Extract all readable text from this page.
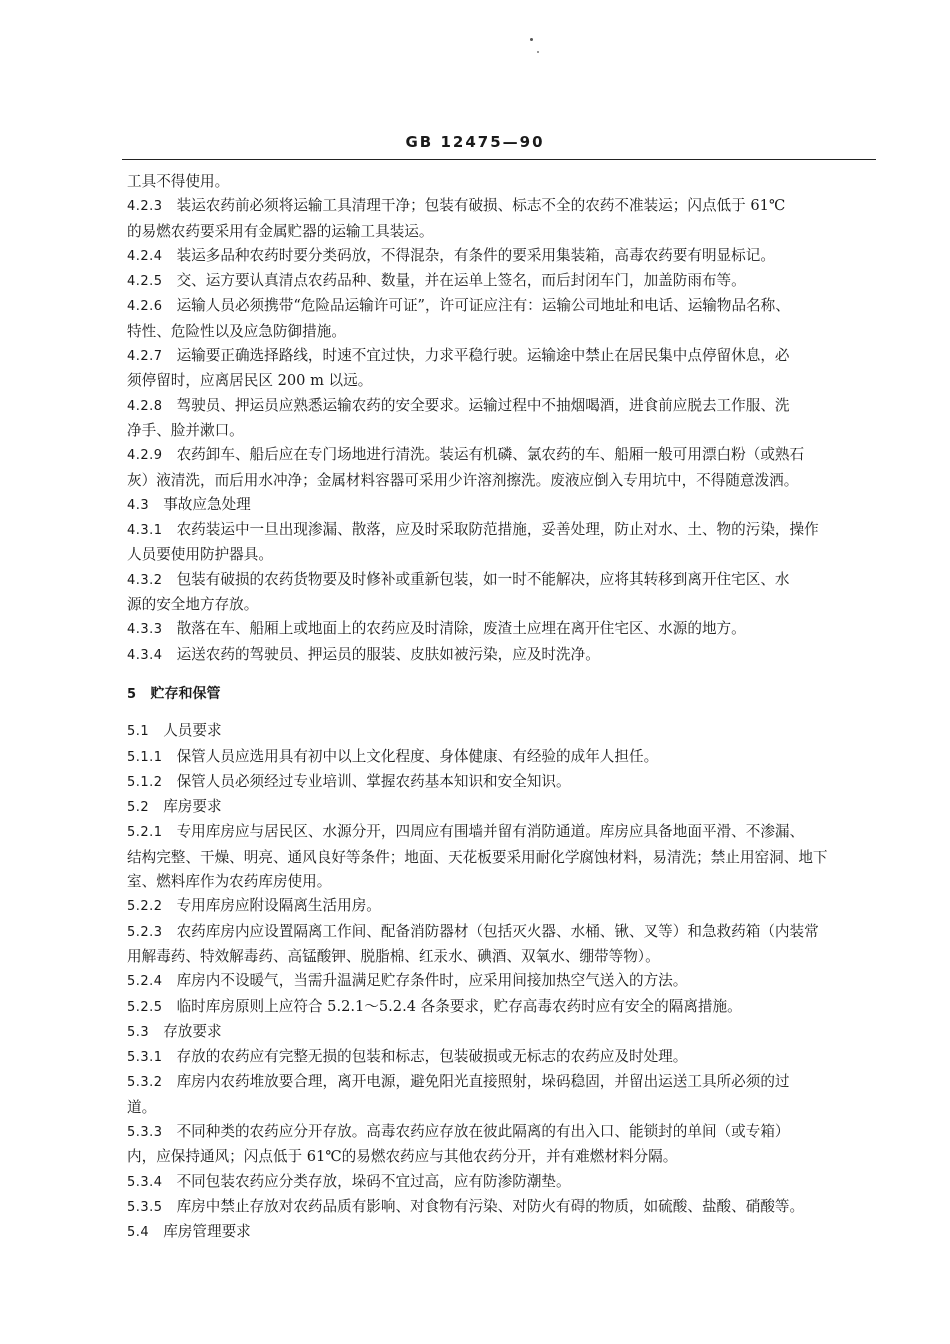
GB 12475—90

工具不得使用。

4.2.3 装运农药前必须将运输工具清理干净；包装有破损、标志不全的农药不准装运；闪点低于 61℃

的易燃农药要采用有金属贮器的运输工具装运。

4.2.4 装运多品种农药时要分类码放，不得混杂，有条件的要采用集装箱，高毒农药要有明显标记。

4.2.5 交、运方要认真清点农药品种、数量，并在运单上签名，而后封闭车门，加盖防雨布等。

4.2.6 运输人员必须携带“危险品运输许可证”，许可证应注有：运输公司地址和电话、运输物品名称、

特性、危险性以及应急防御措施。

4.2.7 运输要正确选择路线，时速不宜过快，力求平稳行驶。运输途中禁止在居民集中点停留休息，必

须停留时，应离居民区 200 m 以远。

4.2.8 驾驶员、押运员应熟悉运输农药的安全要求。运输过程中不抽烟喝酒，进食前应脱去工作服、洗

净手、脸并漱口。

4.2.9 农药卸车、船后应在专门场地进行清洗。装运有机磷、氯农药的车、船厢一般可用漂白粉（或熟石

灰）液清洗，而后用水冲净；金属材料容器可采用少许溶剂擦洗。废液应倒入专用坑中，不得随意泼洒。

4.3 事故应急处理

4.3.1 农药装运中一旦出现渗漏、散落，应及时采取防范措施，妥善处理，防止对水、土、物的污染，操作

人员要使用防护器具。

4.3.2 包装有破损的农药货物要及时修补或重新包装，如一时不能解决，应将其转移到离开住宅区、水

源的安全地方存放。

4.3.3 散落在车、船厢上或地面上的农药应及时清除，废渣土应埋在离开住宅区、水源的地方。

4.3.4 运送农药的驾驶员、押运员的服装、皮肤如被污染，应及时洗净。

5 贮存和保管

5.1 人员要求

5.1.1 保管人员应选用具有初中以上文化程度、身体健康、有经验的成年人担任。

5.1.2 保管人员必须经过专业培训、掌握农药基本知识和安全知识。

5.2 库房要求

5.2.1 专用库房应与居民区、水源分开，四周应有围墙并留有消防通道。库房应具备地面平滑、不渗漏、

结构完整、干燥、明亮、通风良好等条件；地面、天花板要采用耐化学腐蚀材料，易清洗；禁止用窑洞、地下

室、燃料库作为农药库房使用。

5.2.2 专用库房应附设隔离生活用房。

5.2.3 农药库房内应设置隔离工作间、配备消防器材（包括灭火器、水桶、锹、叉等）和急救药箱（内装常

用解毒药、特效解毒药、高锰酸钾、脱脂棉、红汞水、碘酒、双氧水、绷带等物）。

5.2.4 库房内不设暖气，当需升温满足贮存条件时，应采用间接加热空气送入的方法。

5.2.5 临时库房原则上应符合 5.2.1～5.2.4 各条要求，贮存高毒农药时应有安全的隔离措施。

5.3 存放要求

5.3.1 存放的农药应有完整无损的包装和标志，包装破损或无标志的农药应及时处理。

5.3.2 库房内农药堆放要合理，离开电源，避免阳光直接照射，垛码稳固，并留出运送工具所必须的过

道。

5.3.3 不同种类的农药应分开存放。高毒农药应存放在彼此隔离的有出入口、能锁封的单间（或专箱）

内，应保持通风；闪点低于 61℃的易燃农药应与其他农药分开，并有难燃材料分隔。

5.3.4 不同包装农药应分类存放，垛码不宜过高，应有防渗防潮垫。

5.3.5 库房中禁止存放对农药品质有影响、对食物有污染、对防火有碍的物质，如硫酸、盐酸、硝酸等。

5.4 库房管理要求
